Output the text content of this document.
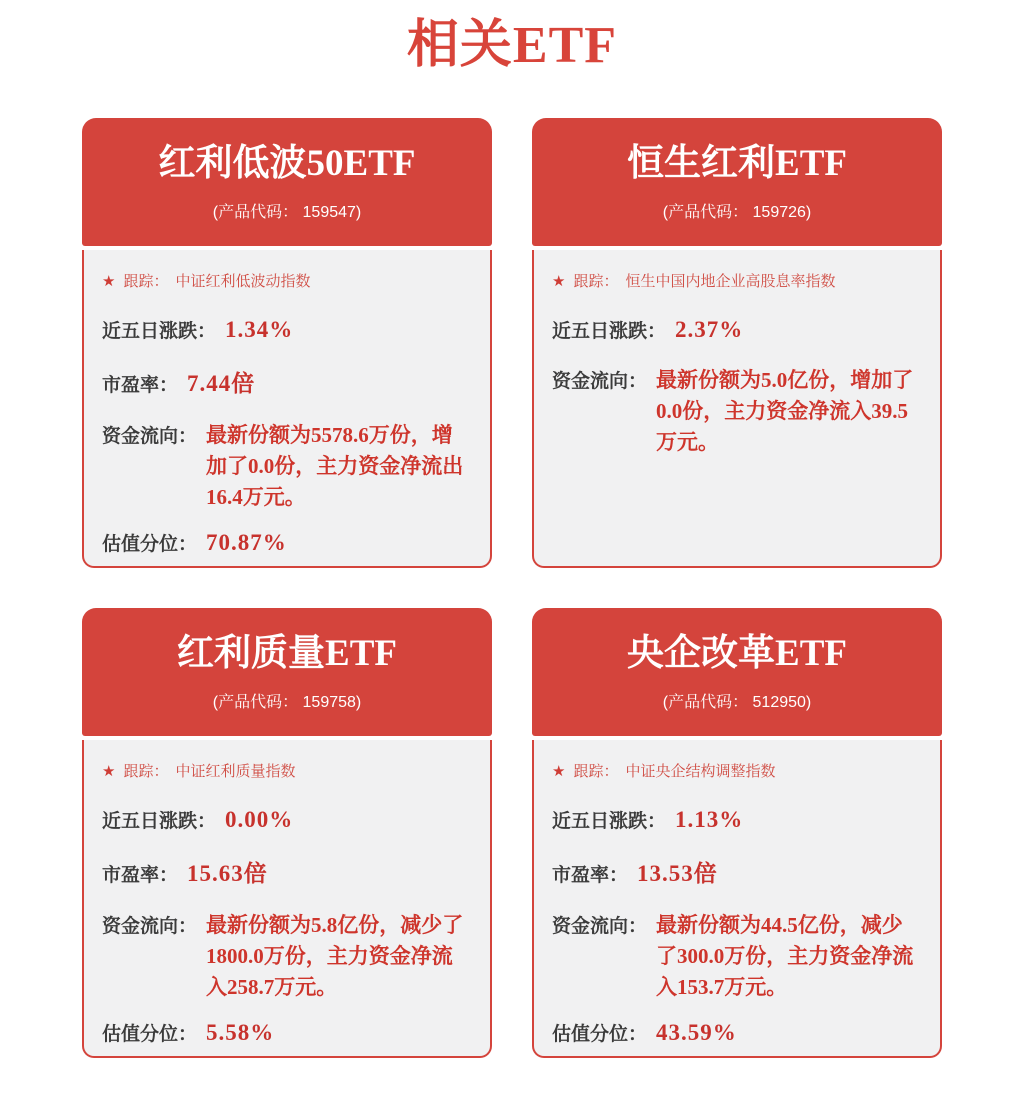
相关ETF
红利低波50ETF
(产品代码： 159547)
★ 跟踪： 中证红利低波动指数
近五日涨跌： 1.34%
市盈率： 7.44倍
资金流向： 最新份额为5578.6万份，增加了0.0份，主力资金净流出16.4万元。
估值分位： 70.87%
恒生红利ETF
(产品代码： 159726)
★ 跟踪： 恒生中国内地企业高股息率指数
近五日涨跌： 2.37%
资金流向： 最新份额为5.0亿份，增加了0.0份，主力资金净流入39.5万元。
红利质量ETF
(产品代码： 159758)
★ 跟踪： 中证红利质量指数
近五日涨跌： 0.00%
市盈率： 15.63倍
资金流向： 最新份额为5.8亿份，减少了1800.0万份，主力资金净流入258.7万元。
估值分位： 5.58%
央企改革ETF
(产品代码： 512950)
★ 跟踪： 中证央企结构调整指数
近五日涨跌： 1.13%
市盈率： 13.53倍
资金流向： 最新份额为44.5亿份，减少了300.0万份，主力资金净流入153.7万元。
估值分位： 43.59%
